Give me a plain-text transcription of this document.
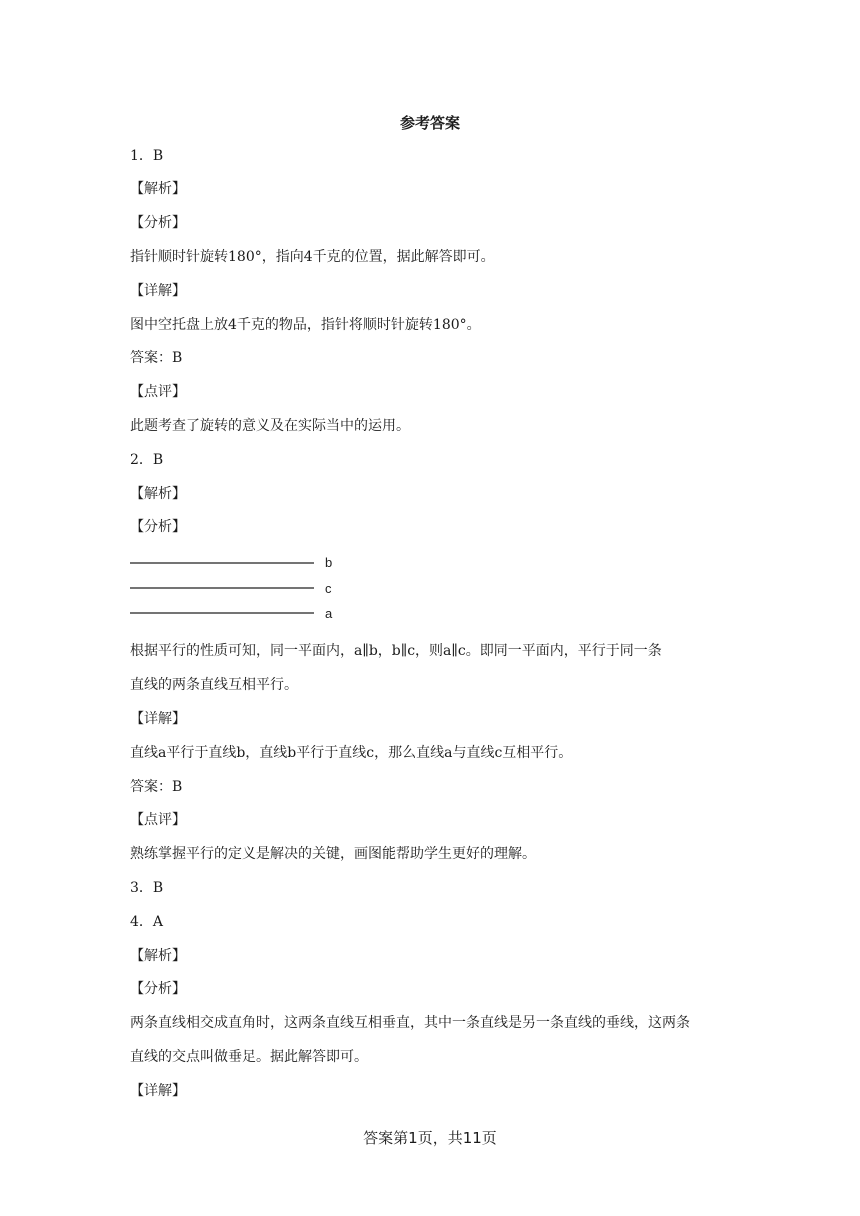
参考答案
1．B
【解析】
【分析】
指针顺时针旋转180°，指向4千克的位置，据此解答即可。
【详解】
图中空托盘上放4千克的物品，指针将顺时针旋转180°。
答案：B
【点评】
此题考查了旋转的意义及在实际当中的运用。
2．B
【解析】
【分析】
b
c
a
根据平行的性质可知，同一平面内，a∥b，b∥c，则a∥c。即同一平面内，平行于同一条
直线的两条直线互相平行。
【详解】
直线a平行于直线b，直线b平行于直线c，那么直线a与直线c互相平行。
答案：B
【点评】
熟练掌握平行的定义是解决的关键，画图能帮助学生更好的理解。
3．B
4．A
【解析】
【分析】
两条直线相交成直角时，这两条直线互相垂直，其中一条直线是另一条直线的垂线，这两条
直线的交点叫做垂足。据此解答即可。
【详解】
答案第1页，共11页
